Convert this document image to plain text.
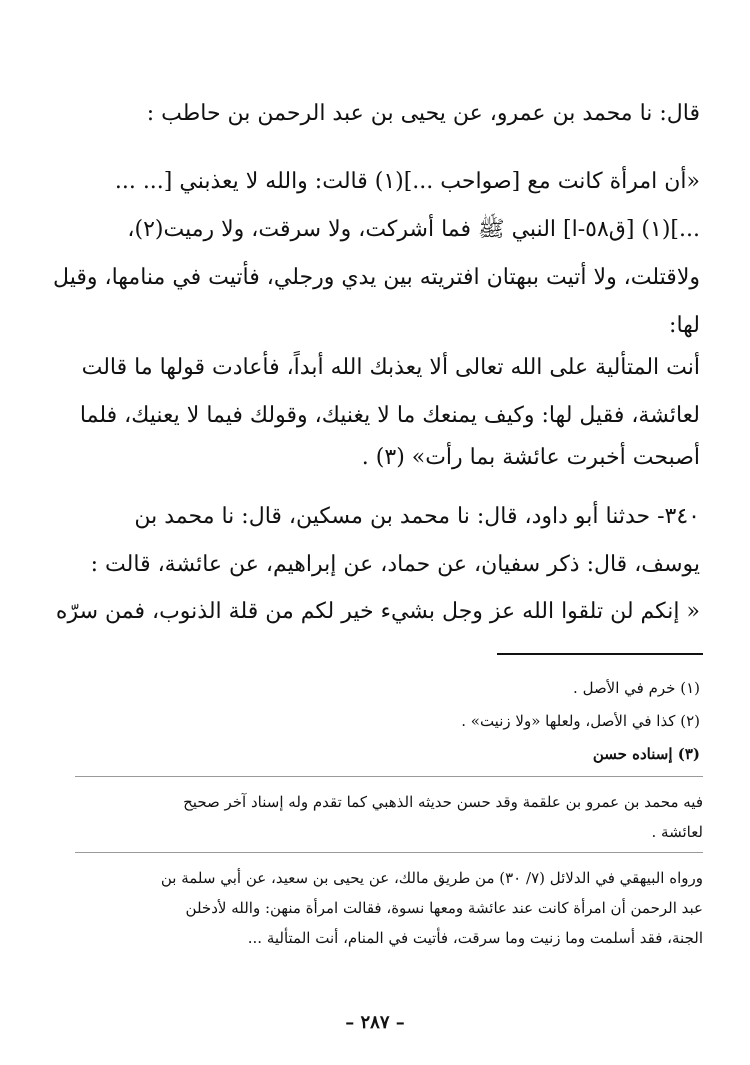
قال: نا محمد بن عمرو، عن يحيى بن عبد الرحمن بن حاطب :
«أن امرأة كانت مع [صواحب ...](١) قالت: والله لا يعذبني [... ...
...](١) [ق٥٨-ا] النبي ﷺ فما أشركت، ولا سرقت، ولا رميت(٢)،
ولاقتلت، ولا أتيت ببهتان افتريته بين يدي ورجلي، فأتيت في منامها، وقيل
لها:
أنت المتألية على الله تعالى ألا يعذبك الله أبداً، فأعادت قولها ما قالت
لعائشة، فقيل لها: وكيف يمنعك ما لا يغنيك، وقولك فيما لا يعنيك، فلما
أصبحت أخبرت عائشة بما رأت» (٣) .
٣٤٠- حدثنا أبو داود، قال: نا محمد بن مسكين، قال: نا محمد بن
يوسف، قال: ذكر سفيان، عن حماد، عن إبراهيم، عن عائشة، قالت :
« إنكم لن تلقوا الله عز وجل بشيء خير لكم من قلة الذنوب، فمن سرّه
(١) خرم في الأصل .
(٢) كذا في الأصل، ولعلها «ولا زنيت» .
(٣) إسناده حسن
فيه محمد بن عمرو بن علقمة وقد حسن حديثه الذهبي كما تقدم وله إسناد آخر صحيح
لعائشة .
ورواه البيهقي في الدلائل (٧/ ٣٠) من طريق مالك، عن يحيى بن سعيد، عن أبي سلمة بن
عبد الرحمن أن امرأة كانت عند عائشة ومعها نسوة، فقالت امرأة منهن: والله لأدخلن
الجنة، فقد أسلمت وما زنيت وما سرقت، فأتيت في المنام، أنت المتألية ...
– ٢٨٧ –
